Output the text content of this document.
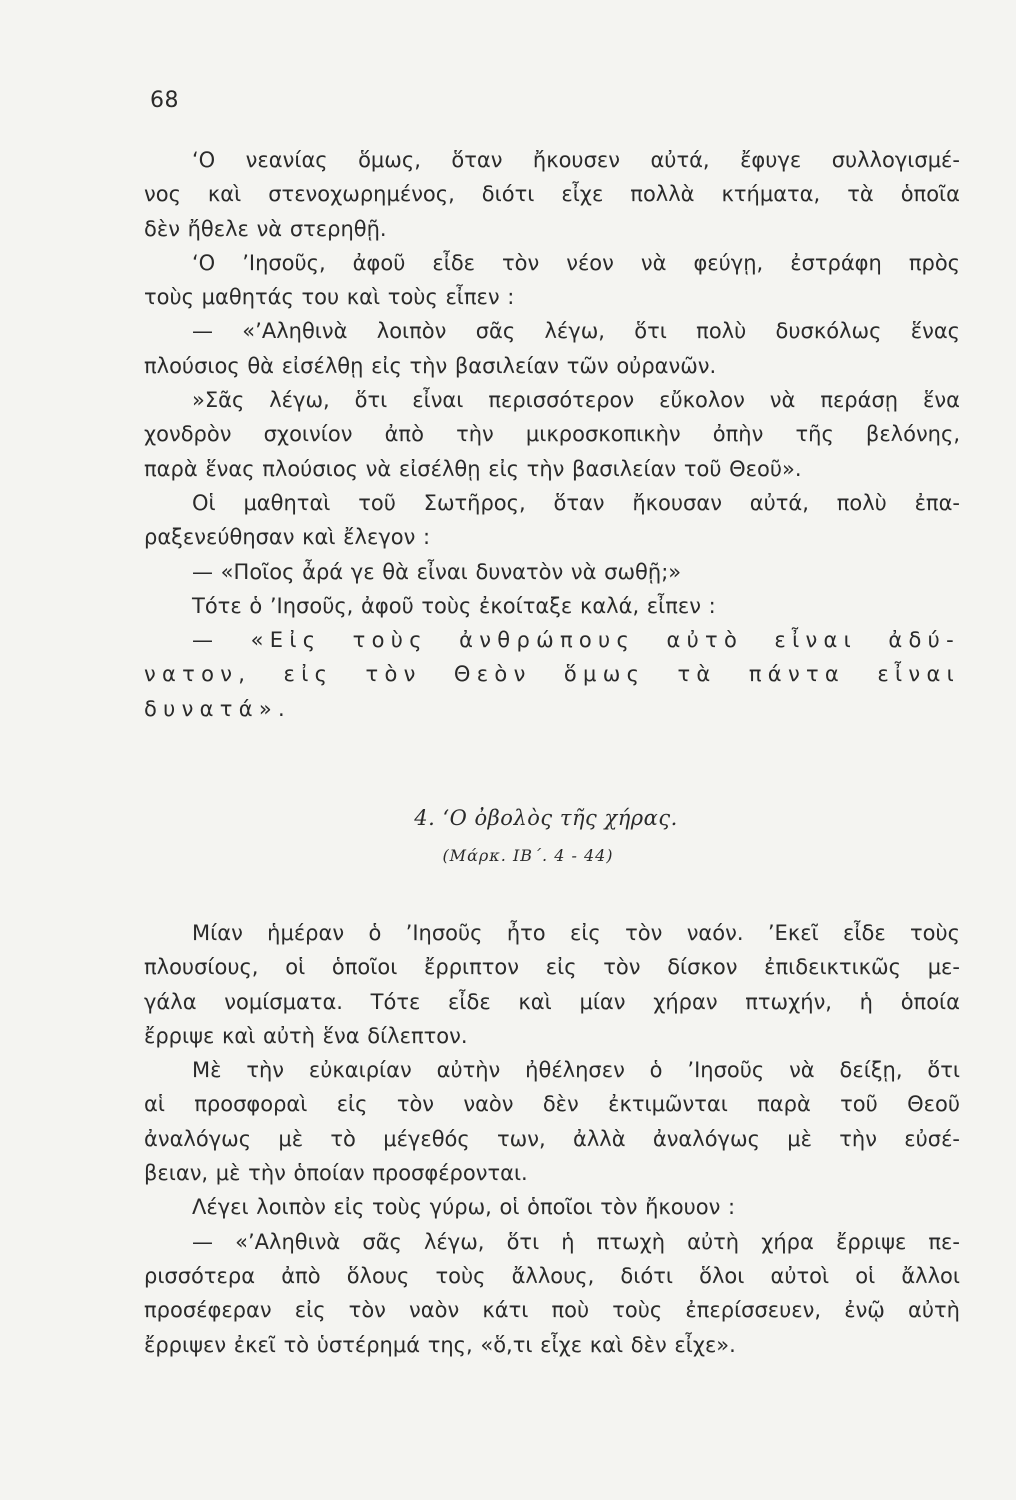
68
‘Ο νεανίας ὅμως, ὅταν ἤκουσεν αὐτά, ἔφυγε συλλογισμέ-
νος καὶ στενοχωρημένος, διότι εἶχε πολλὰ κτήματα, τὰ ὁποῖα
δὲν ἤθελε νὰ στερηθῇ.
‘Ο ’Ιησοῦς, ἀφοῦ εἶδε τὸν νέον νὰ φεύγῃ, ἐστράφη πρὸς
τοὺς μαθητάς του καὶ τοὺς εἶπεν :
— «’Αληθινὰ λοιπὸν σᾶς λέγω, ὅτι πολὺ δυσκόλως ἕνας
πλούσιος θὰ εἰσέλθῃ εἰς τὴν βασιλείαν τῶν οὐρανῶν.
»Σᾶς λέγω, ὅτι εἶναι περισσότερον εὔκολον νὰ περάσῃ ἕνα
χονδρὸν σχοινίον ἀπὸ τὴν μικροσκοπικὴν ὀπὴν τῆς βελόνης,
παρὰ ἕνας πλούσιος νὰ εἰσέλθῃ εἰς τὴν βασιλείαν τοῦ Θεοῦ».
Οἱ μαθηταὶ τοῦ Σωτῆρος, ὅταν ἤκουσαν αὐτά, πολὺ ἐπα-
ραξενεύθησαν καὶ ἔλεγον :
— «Ποῖος ἆρά γε θὰ εἶναι δυνατὸν νὰ σωθῇ;»
Τότε ὁ ’Ιησοῦς, ἀφοῦ τοὺς ἐκοίταξε καλά, εἶπεν :
— «Εἰς τοὺς ἀνθρώπους αὐτὸ εἶναι ἀδύ-
νατον, εἰς τὸν Θεὸν ὅμως τὰ πάντα εἶναι
δυνατά».
4. ‘Ο ὀβολὸς τῆς χήρας.
(Μάρκ. ΙΒ΄. 4 - 44)
Μίαν ἡμέραν ὁ ’Ιησοῦς ἦτο εἰς τὸν ναόν. ’Εκεῖ εἶδε τοὺς
πλουσίους, οἱ ὁποῖοι ἔρριπτον εἰς τὸν δίσκον ἐπιδεικτικῶς με-
γάλα νομίσματα. Τότε εἶδε καὶ μίαν χήραν πτωχήν, ἡ ὁποία
ἔρριψε καὶ αὐτὴ ἕνα δίλεπτον.
Μὲ τὴν εὐκαιρίαν αὐτὴν ἠθέλησεν ὁ ’Ιησοῦς νὰ δείξῃ, ὅτι
αἱ προσφοραὶ εἰς τὸν ναὸν δὲν ἐκτιμῶνται παρὰ τοῦ Θεοῦ
ἀναλόγως μὲ τὸ μέγεθός των, ἀλλὰ ἀναλόγως μὲ τὴν εὐσέ-
βειαν, μὲ τὴν ὁποίαν προσφέρονται.
Λέγει λοιπὸν εἰς τοὺς γύρω, οἱ ὁποῖοι τὸν ἤκουον :
— «’Αληθινὰ σᾶς λέγω, ὅτι ἡ πτωχὴ αὐτὴ χήρα ἔρριψε πε-
ρισσότερα ἀπὸ ὅλους τοὺς ἄλλους, διότι ὅλοι αὐτοὶ οἱ ἄλλοι
προσέφεραν εἰς τὸν ναὸν κάτι ποὺ τοὺς ἐπερίσσευεν, ἐνῷ αὐτὴ
ἔρριψεν ἐκεῖ τὸ ὑστέρημά της, «ὅ,τι εἶχε καὶ δὲν εἶχε».
